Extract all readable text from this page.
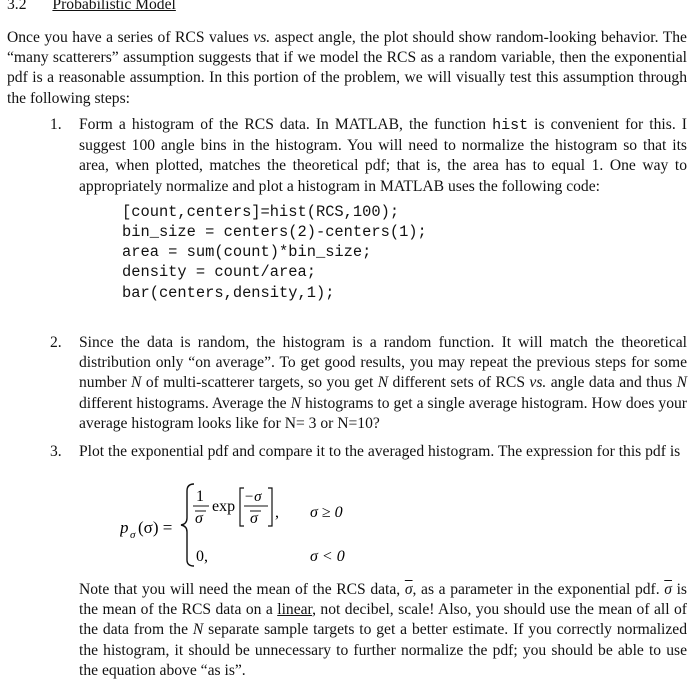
3.2 Probabilistic Model
Once you have a series of RCS values vs. aspect angle, the plot should show random-looking behavior. The “many scatterers” assumption suggests that if we model the RCS as a random variable, then the exponential pdf is a reasonable assumption. In this portion of the problem, we will visually test this assumption through the following steps:
1. Form a histogram of the RCS data. In MATLAB, the function hist is convenient for this. I suggest 100 angle bins in the histogram. You will need to normalize the histogram so that its area, when plotted, matches the theoretical pdf; that is, the area has to equal 1. One way to appropriately normalize and plot a histogram in MATLAB uses the following code:
[count,centers]=hist(RCS,100);
bin_size = centers(2)-centers(1);
area = sum(count)*bin_size;
density = count/area;
bar(centers,density,1);
2. Since the data is random, the histogram is a random function. It will match the theoretical distribution only “on average”. To get good results, you may repeat the previous steps for some number N of multi-scatterer targets, so you get N different sets of RCS vs. angle data and thus N different histograms. Average the N histograms to get a single average histogram. How does your average histogram looks like for N= 3 or N=10?
3. Plot the exponential pdf and compare it to the averaged histogram. The expression for this pdf is
p σ (σ) =
1
σ
exp
−σ
σ , σ ≥ 0
0,	σ < 0
Note that you will need the mean of the RCS data, $\overline{\sigma}$, as a parameter in the exponential pdf. $\overline{\sigma}$ is the mean of the RCS data on a linear, not decibel, scale! Also, you should use the mean of all of the data from the N separate sample targets to get a better estimate. If you correctly normalized the histogram, it should be unnecessary to further normalize the pdf; you should be able to use the equation above “as is”.
